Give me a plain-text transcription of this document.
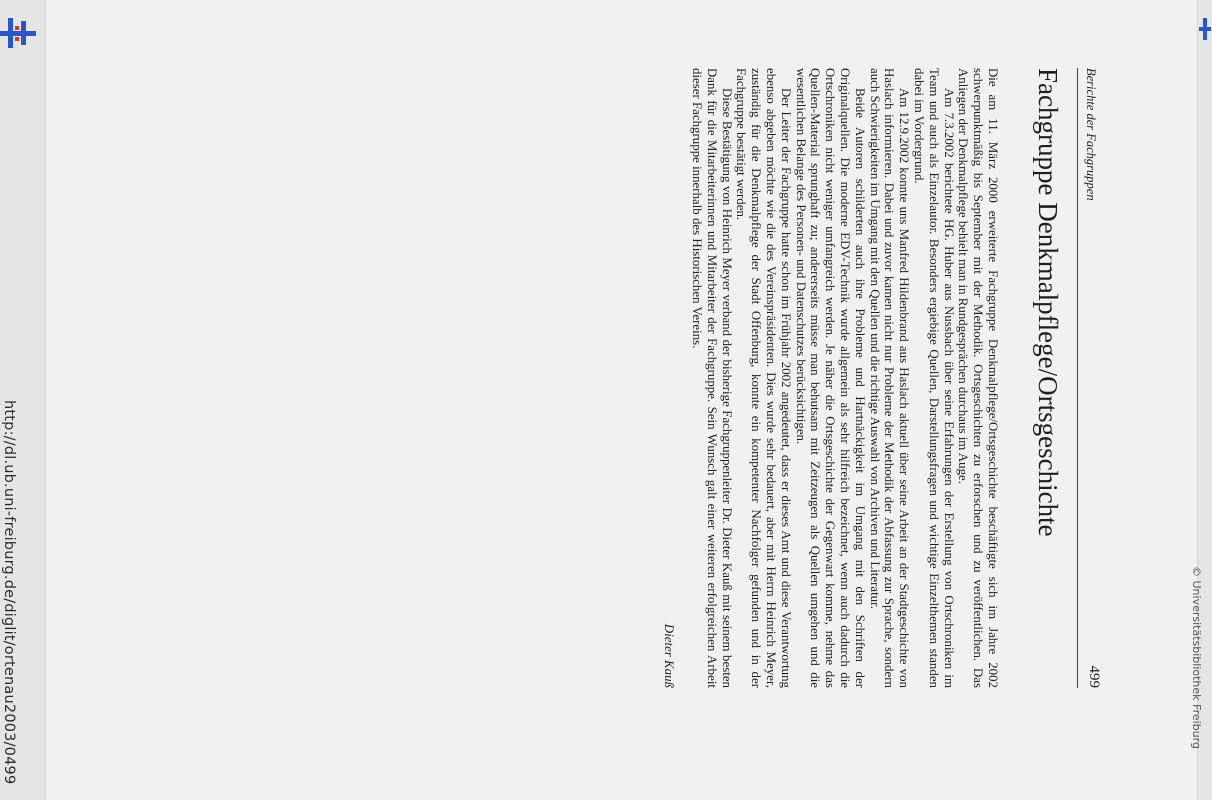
http://dl.ub.uni-freiburg.de/diglit/ortenau2003/0499
Berichte der Fachgruppen
499
Fachgruppe Denkmalpflege/Ortsgeschichte

Die am 11. März 2000 erweiterte Fachgruppe Denkmalpflege/Ortsgeschichte beschäftigte sich im Jahre 2002 schwerpunktmäßig bis September mit der Methodik. Ortsgeschichten zu erforschen und zu veröffentlichen. Das Anliegen der Denkmalpflege behielt man in Rundgesprächen durchaus im Auge.

Am 7.3.2002 berichtete HG. Huber aus Nussbach über seine Erfahrungen der Erstellung von Ortschroniken im Team und auch als Einzelautor. Besonders ergiebige Quellen, Darstellungsfragen und wichtige Einzelthemen standen dabei im Vordergrund.

Am 12.9.2002 konnte uns Manfred Hildenbrand aus Haslach aktuell über seine Arbeit an der Stadtgeschichte von Haslach informieren. Dabei und zuvor kamen nicht nur Probleme der Methodik der Abfassung zur Sprache, sondern auch Schwierigkeiten im Umgang mit den Quellen und die richtige Auswahl von Archiven und Literatur.

Beide Autoren schilderten auch ihre Probleme und Hartnäckigkeit im Umgang mit den Schriften der Originalquellen. Die moderne EDV-Technik wurde allgemein als sehr hilfreich bezeichnet, wenn auch dadurch die Ortschroniken nicht weniger umfangreich werden. Je näher die Ortsgeschichte der Gegenwart komme, nehme das Quellen-Material sprunghaft zu; andererseits müsse man behutsam mit Zeitzeugen als Quellen umgehen und die wesentlichen Belange des Personen- und Datenschutzes berücksichtigen.

Der Leiter der Fachgruppe hatte schon im Frühjahr 2002 angedeutet, dass er dieses Amt und diese Verantwortung ebenso abgeben möchte wie die des Vereinspräsidenten. Dies wurde sehr bedauert, aber mit Herrn Heinrich Meyer, zuständig für die Denkmalpflege der Stadt Offenburg, konnte ein kompetenter Nachfolger gefunden und in der Fachgruppe bestätigt werden.

Diese Bestätigung von Heinrich Meyer verband der bisherige Fachgruppenleiter Dr. Dieter Kauß mit seinem besten Dank für die Mitarbeiterinnen und Mitarbeiter der Fachgruppe. Sein Wunsch galt einer weiteren erfolgreichen Arbeit dieser Fachgruppe innerhalb des Historischen Vereins.

Dieter Kauß	© Universitätsbibliothek Freiburg
